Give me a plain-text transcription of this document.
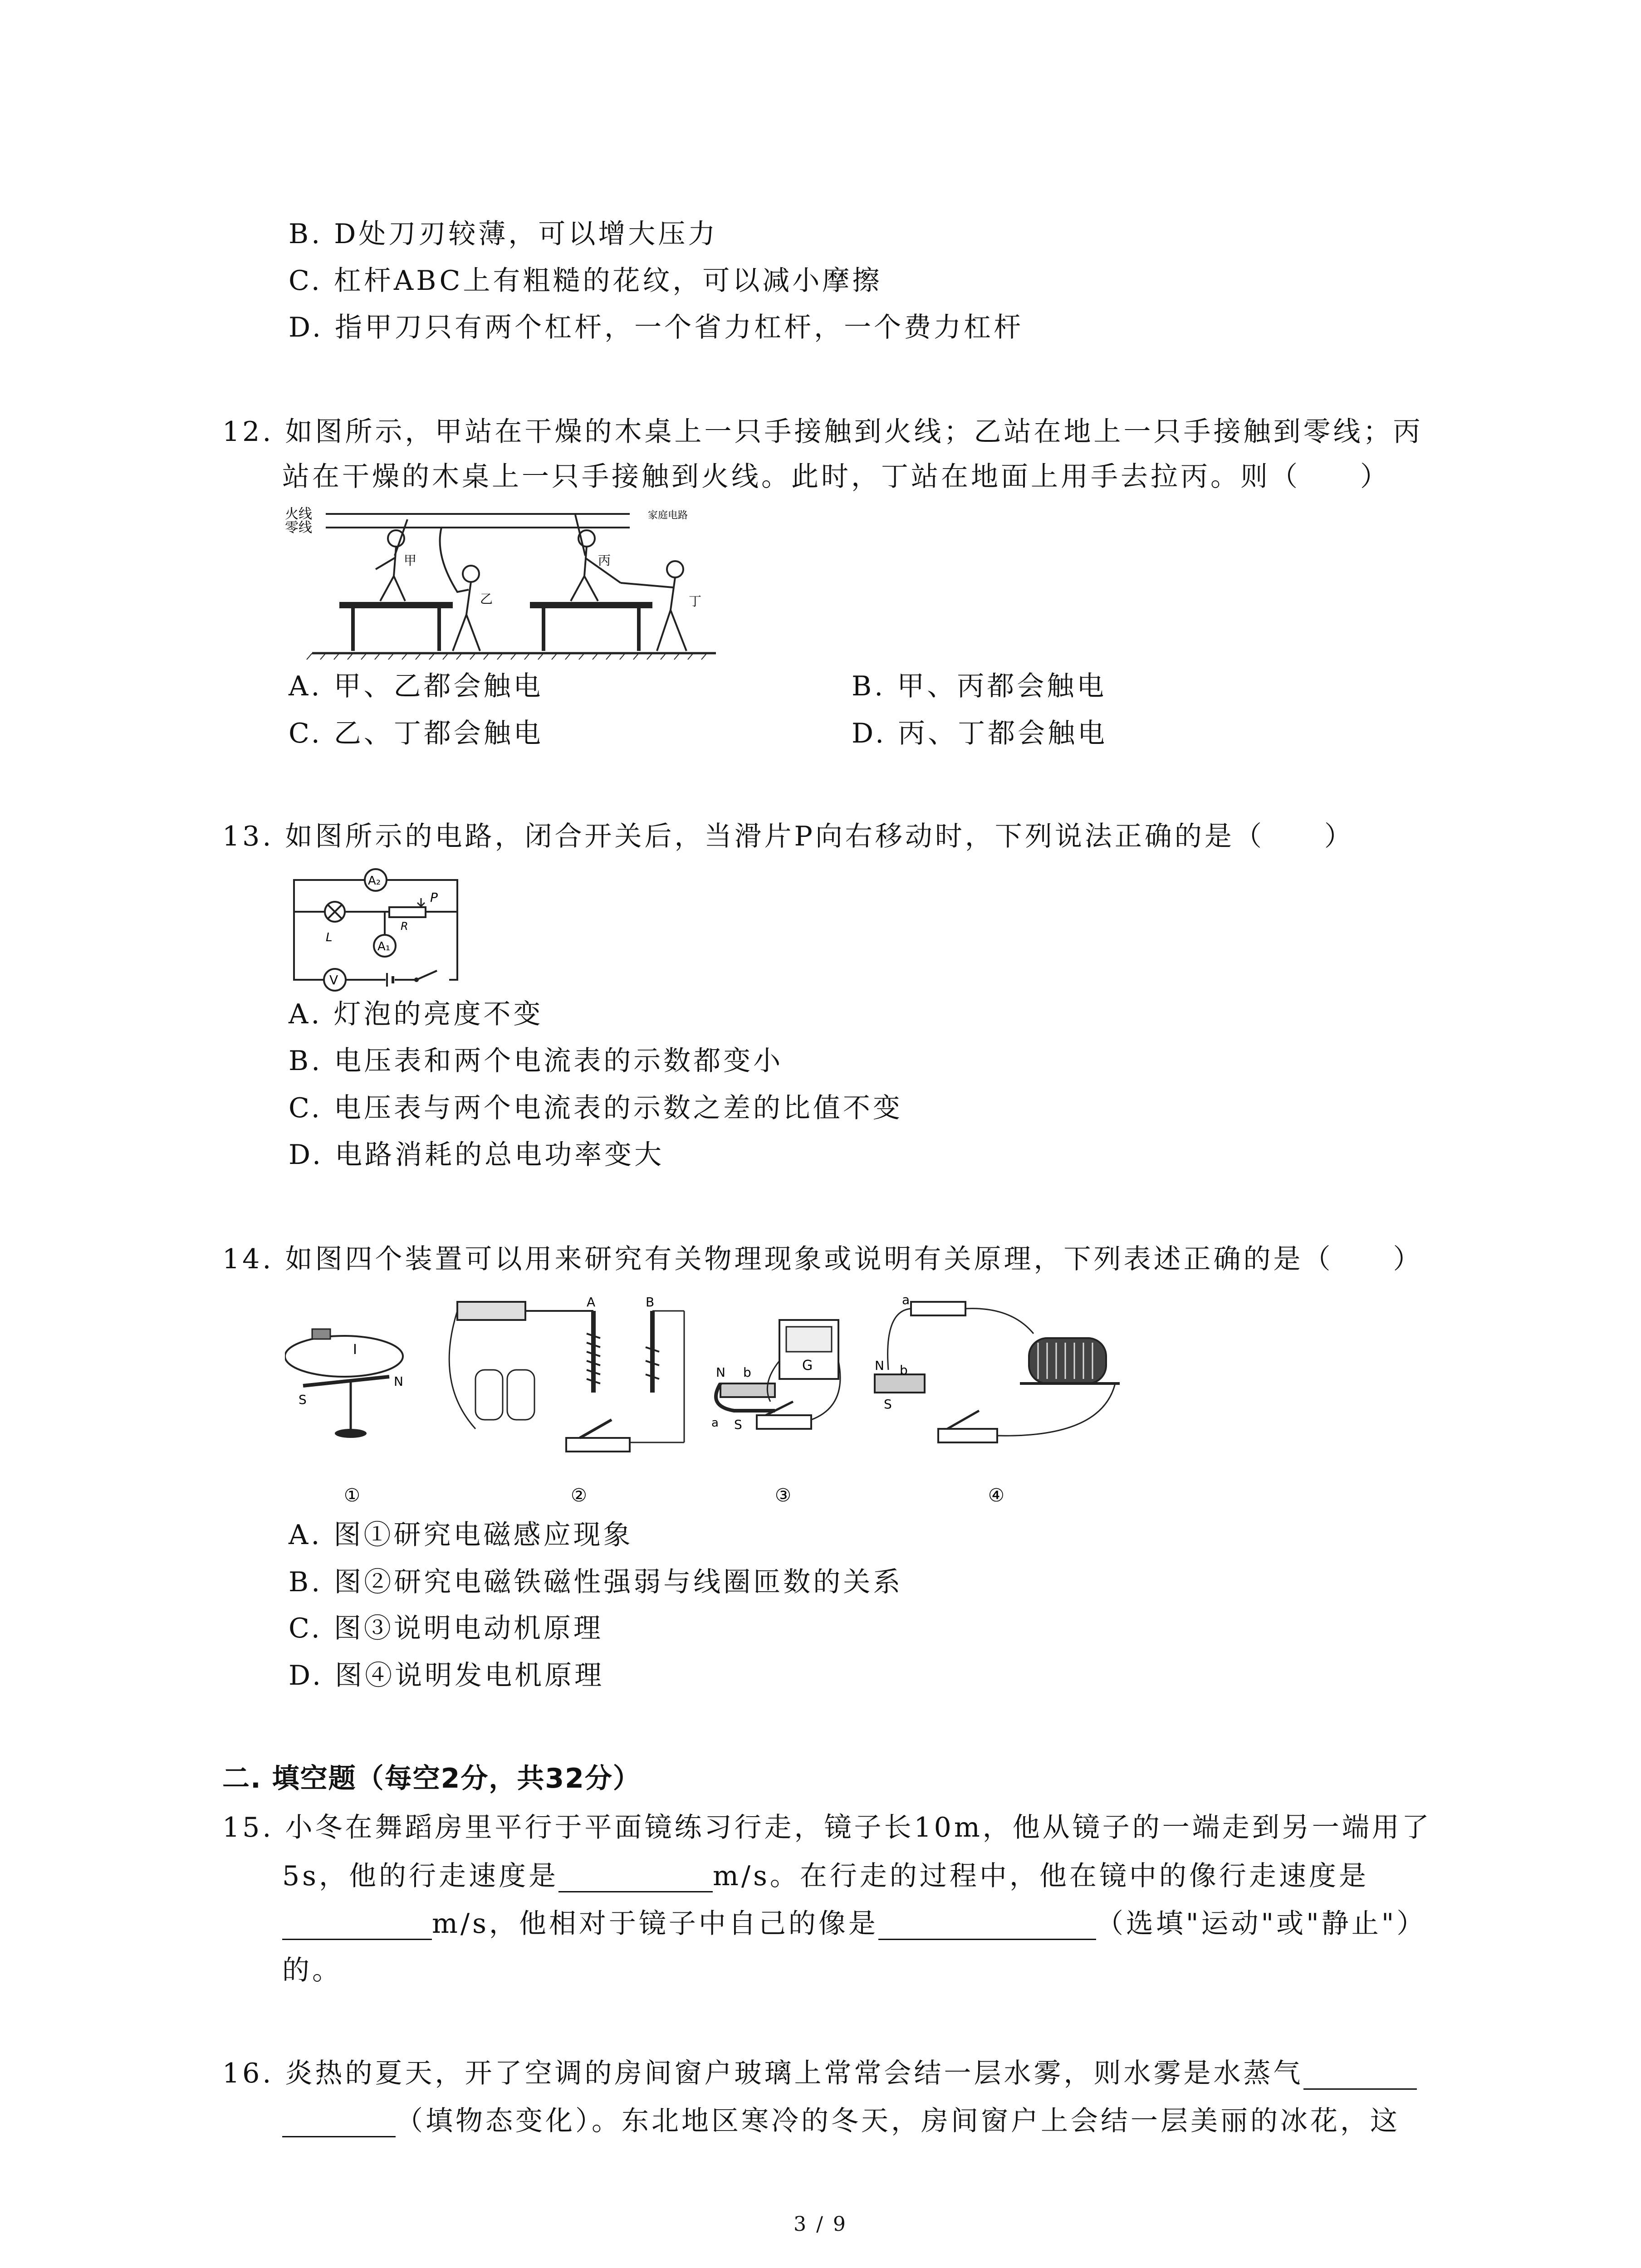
B. D处刀刃较薄，可以增大压力
C. 杠杆ABC上有粗糙的花纹，可以减小摩擦
D. 指甲刀只有两个杠杆，一个省力杠杆，一个费力杠杆
12. 如图所示，甲站在干燥的木桌上一只手接触到火线；乙站在地上一只手接触到零线；丙
站在干燥的木桌上一只手接触到火线。此时，丁站在地面上用手去拉丙。则（　　）
火线
零线
家庭电路
甲
乙
丙
丁
A. 甲、乙都会触电	B. 甲、丙都会触电
C. 乙、丁都会触电	D. 丙、丁都会触电
13. 如图所示的电路，闭合开关后，当滑片P向右移动时，下列说法正确的是（　　）
A₂
P
R
A₁
L
V
A. 灯泡的亮度不变
B. 电压表和两个电流表的示数都变小
C. 电压表与两个电流表的示数之差的比值不变
D. 电路消耗的总电功率变大
14. 如图四个装置可以用来研究有关物理现象或说明有关原理，下列表述正确的是（　　）
I
S
N
A	B
G
N b
S
a
a
N b
S
①	②	③	④
A. 图①研究电磁感应现象
B. 图②研究电磁铁磁性强弱与线圈匝数的关系
C. 图③说明电动机原理
D. 图④说明发电机原理
二. 填空题（每空2分，共32分）
15. 小冬在舞蹈房里平行于平面镜练习行走，镜子长10m，他从镜子的一端走到另一端用了
5s，他的行走速度是	m/s。在行走的过程中，他在镜中的像行走速度是
m/s，他相对于镜子中自己的像是	（选填"运动"或"静止"）
的。
16. 炎热的夏天，开了空调的房间窗户玻璃上常常会结一层水雾，则水雾是水蒸气
（填物态变化）。东北地区寒冷的冬天，房间窗户上会结一层美丽的冰花，这
3 / 9
